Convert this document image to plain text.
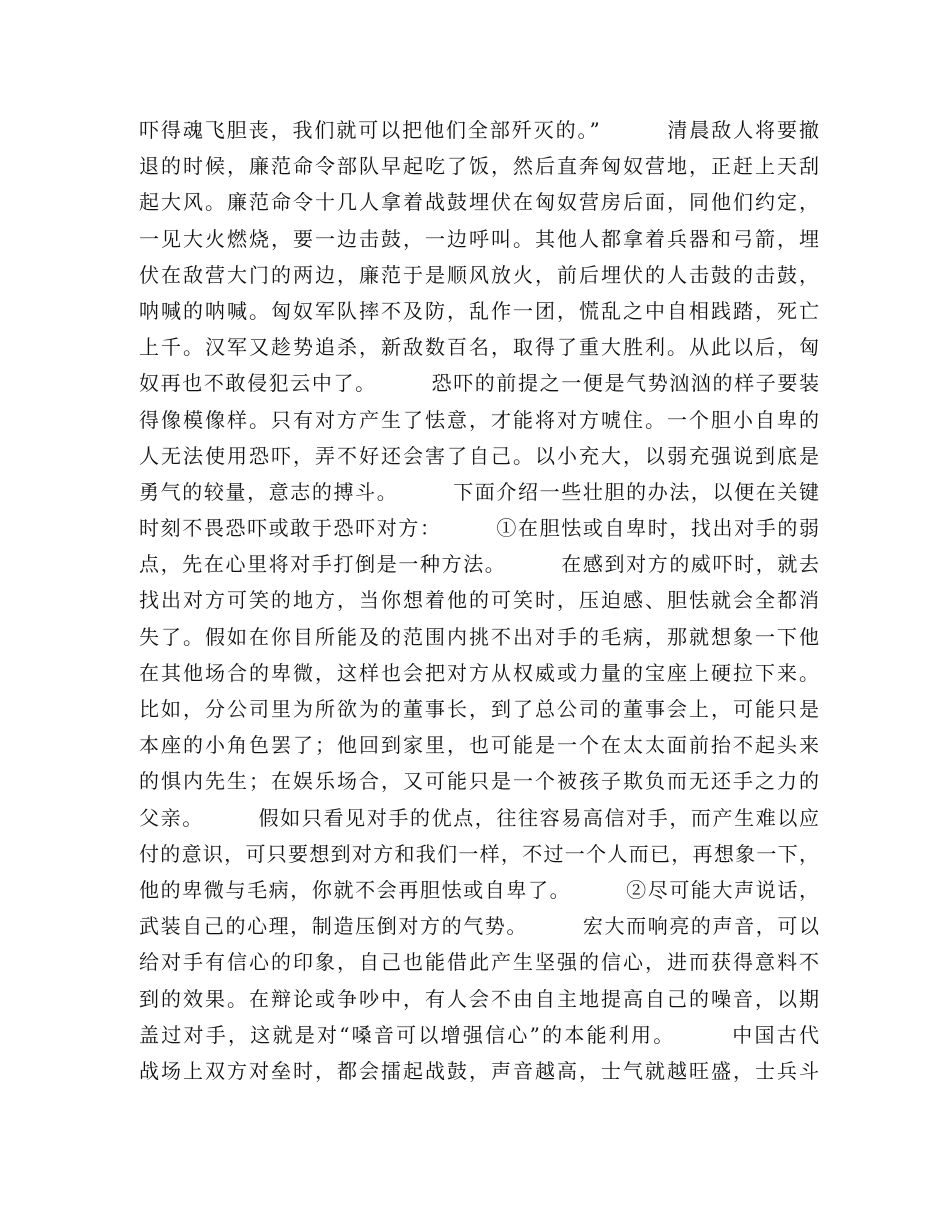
吓得魂飞胆丧，我们就可以把他们全部歼灭的。”　　　清晨敌人将要撤
退的时候，廉范命令部队早起吃了饭，然后直奔匈奴营地，正赶上天刮
起大风。廉范命令十几人拿着战鼓埋伏在匈奴营房后面，同他们约定，
一见大火燃烧，要一边击鼓，一边呼叫。其他人都拿着兵器和弓箭，埋
伏在敌营大门的两边，廉范于是顺风放火，前后埋伏的人击鼓的击鼓，
呐喊的呐喊。匈奴军队摔不及防，乱作一团，慌乱之中自相践踏，死亡
上千。汉军又趁势追杀，新敌数百名，取得了重大胜利。从此以后，匈
奴再也不敢侵犯云中了。　　　恐吓的前提之一便是气势汹汹的样子要装
得像模像样。只有对方产生了怯意，才能将对方唬住。一个胆小自卑的
人无法使用恐吓，弄不好还会害了自己。以小充大，以弱充强说到底是
勇气的较量，意志的搏斗。　　　下面介绍一些壮胆的办法，以便在关键
时刻不畏恐吓或敢于恐吓对方：　　　①在胆怯或自卑时，找出对手的弱
点，先在心里将对手打倒是一种方法。　　　在感到对方的威吓时，就去
找出对方可笑的地方，当你想着他的可笑时，压迫感、胆怯就会全都消
失了。假如在你目所能及的范围内挑不出对手的毛病，那就想象一下他
在其他场合的卑微，这样也会把对方从权威或力量的宝座上硬拉下来。
比如，分公司里为所欲为的董事长，到了总公司的董事会上，可能只是
本座的小角色罢了；他回到家里，也可能是一个在太太面前抬不起头来
的惧内先生；在娱乐场合，又可能只是一个被孩子欺负而无还手之力的
父亲。　　　假如只看见对手的优点，往往容易高信对手，而产生难以应
付的意识，可只要想到对方和我们一样，不过一个人而已，再想象一下，
他的卑微与毛病，你就不会再胆怯或自卑了。　　　②尽可能大声说话，
武装自己的心理，制造压倒对方的气势。　　　宏大而响亮的声音，可以
给对手有信心的印象，自己也能借此产生坚强的信心，进而获得意料不
到的效果。在辩论或争吵中，有人会不由自主地提高自己的噪音，以期
盖过对手，这就是对“嗓音可以增强信心”的本能利用。　　　中国古代
战场上双方对垒时，都会擂起战鼓，声音越高，士气就越旺盛，士兵斗
